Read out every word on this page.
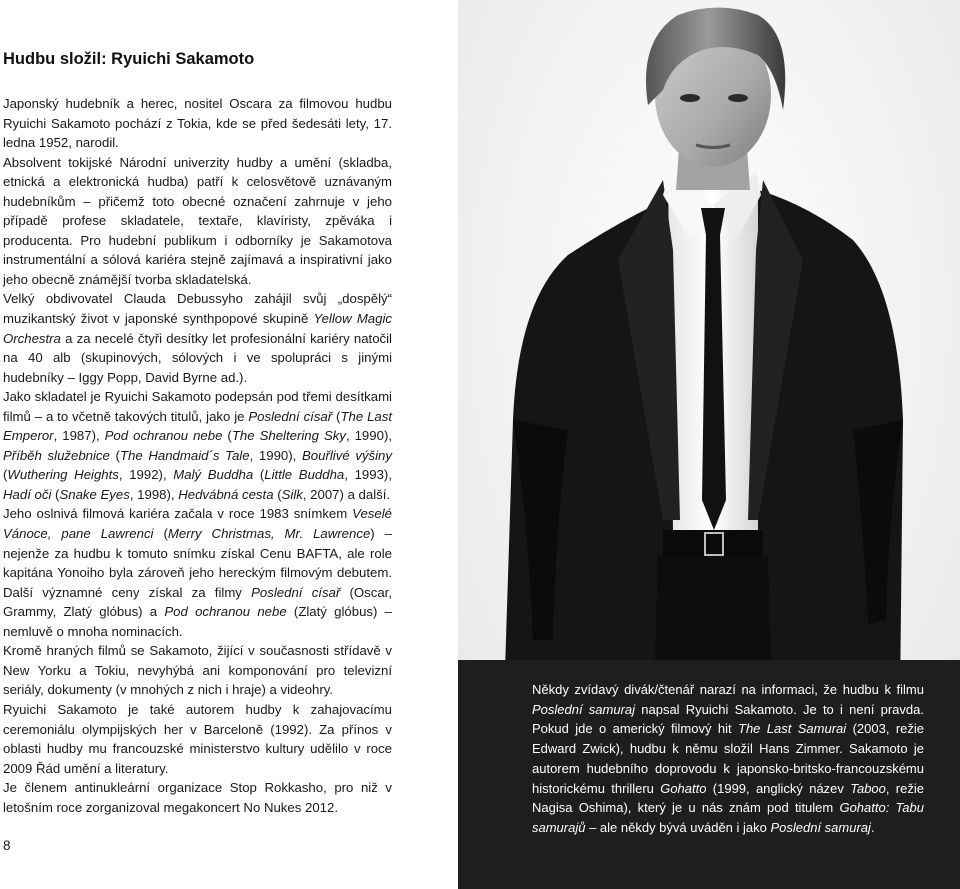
Hudbu složil: Ryuichi Sakamoto

Japonský hudebník a herec, nositel Oscara za filmovou hudbu Ryuichi Sakamoto pochází z Tokia, kde se před šedesáti lety, 17. ledna 1952, narodil.

Absolvent tokijské Národní univerzity hudby a umění (skladba, etnická a elektronická hudba) patří k celosvětově uznávaným hudebníkům – přičemž toto obecné označení zahrnuje v jeho případě profese skladatele, textaře, klavíristy, zpěváka i producenta. Pro hudební publikum i odborníky je Sakamotova instrumentální a sólová kariéra stejně zajímavá a inspirativní jako jeho obecně známější tvorba skladatelská.

Velký obdivovatel Clauda Debussyho zahájil svůj „dospělý“ muzikantský život v japonské synthpopové skupině Yellow Magic Orchestra a za necelé čtyři desítky let profesionální kariéry natočil na 40 alb (skupinových, sólových i ve spolupráci s jinými hudebníky – Iggy Popp, David Byrne ad.).

Jako skladatel je Ryuichi Sakamoto podepsán pod třemi desítkami filmů – a to včetně takových titulů, jako je Poslední císař (The Last Emperor, 1987), Pod ochranou nebe (The Sheltering Sky, 1990), Příběh služebnice (The Handmaid´s Tale, 1990), Bouřlivé výšiny (Wuthering Heights, 1992), Malý Buddha (Little Buddha, 1993), Hadí oči (Snake Eyes, 1998), Hedvábná cesta (Silk, 2007) a další.

Jeho oslnivá filmová kariéra začala v roce 1983 snímkem Veselé Vánoce, pane Lawrenci (Merry Christmas, Mr. Lawrence) – nejenže za hudbu k tomuto snímku získal Cenu BAFTA, ale role kapitána Yonoiho byla zároveň jeho hereckým filmovým debutem. Další významné ceny získal za filmy Poslední císař (Oscar, Grammy, Zlatý glóbus) a Pod ochranou nebe (Zlatý glóbus) – nemluvě o mnoha nominacích.

Kromě hraných filmů se Sakamoto, žijící v současnosti střídavě v New Yorku a Tokiu, nevyhýbá ani komponování pro televizní seriály, dokumenty (v mnohých z nich i hraje) a videohry.

Ryuichi Sakamoto je také autorem hudby k zahajovacímu ceremoniálu olympijských her v Barceloně (1992). Za přínos v oblasti hudby mu francouzské ministerstvo kultury udělilo v roce 2009 Řád umění a literatury.

Je členem antinukleární organizace Stop Rokkasho, pro niž v letošním roce zorganizoval megakoncert No Nukes 2012.

8

Někdy zvídavý divák/čtenář narazí na informaci, že hudbu k filmu Poslední samuraj napsal Ryuichi Sakamoto. Je to i není pravda. Pokud jde o americký filmový hit The Last Samurai (2003, režie Edward Zwick), hudbu k němu složil Hans Zimmer. Sakamoto je autorem hudebního doprovodu k japonsko-britsko-francouzskému historickému thrilleru Gohatto (1999, anglický název Taboo, režie Nagisa Oshima), který je u nás znám pod titulem Gohatto: Tabu samurajů – ale někdy bývá uváděn i jako Poslední samuraj.
